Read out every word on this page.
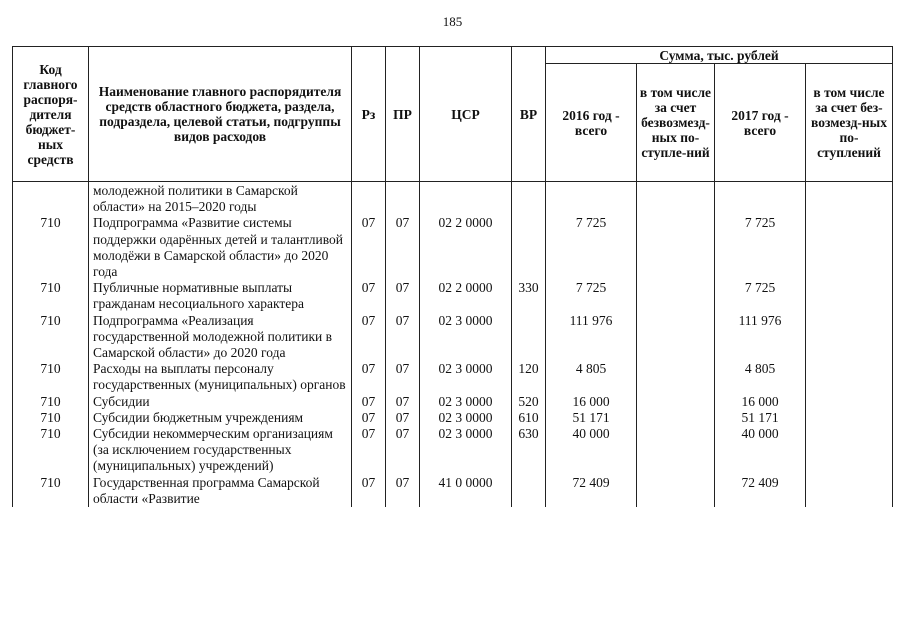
185
Код главного распоря-дителя бюджет-ных средств	Наименование главного распорядителя средств областного бюджета, раздела, подраздела, целевой статьи, подгруппы видов расходов	Рз	ПР	ЦСР	ВР	Сумма, тыс. рублей			
						2016 год - всего	в том числе за счет безвозмезд-ных по-ступле-ний	2017 год - всего	в том числе за счет без-возмезд-ных по-ступлений
	молодежной политики в Самарской области» на 2015–2020 годы								
710	Подпрограмма «Развитие системы поддержки одарённых детей и талантливой молодёжи в Самарской области» до 2020 года	07	07	02 2 0000		7 725		7 725	
710	Публичные нормативные выплаты гражданам несоциального характера	07	07	02 2 0000	330	7 725		7 725	
710	Подпрограмма «Реализация государственной молодежной политики в Самарской области» до 2020 года	07	07	02 3 0000		111 976		111 976	
710	Расходы на выплаты персоналу государственных (муниципальных) органов	07	07	02 3 0000	120	4 805		4 805	
710	Субсидии	07	07	02 3 0000	520	16 000		16 000	
710	Субсидии бюджетным учреждениям	07	07	02 3 0000	610	51 171		51 171	
710	Субсидии некоммерческим организациям (за исключением государственных (муниципальных) учреждений)	07	07	02 3 0000	630	40 000		40 000	
710	Государственная программа Самарской области «Развитие	07	07	41 0 0000		72 409		72 409	
